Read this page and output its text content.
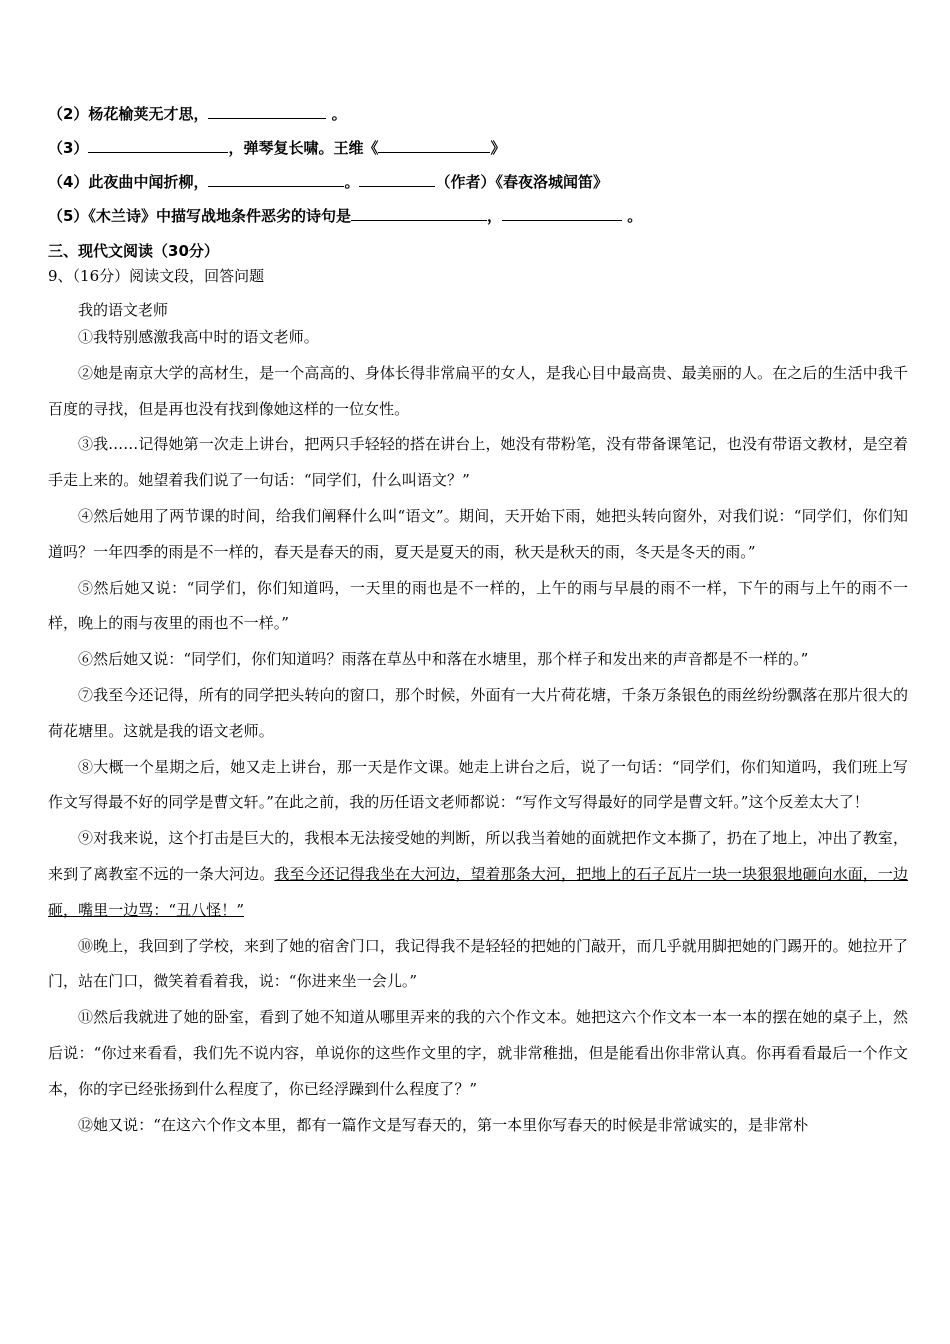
（2）杨花榆荚无才思，	。
（3）	，弹琴复长啸。王维《	》
（4）此夜曲中闻折柳，	。	（作者）《春夜洛城闻笛》
（5）《木兰诗》中描写战地条件恶劣的诗句是	，	。
三、现代文阅读（30分）
9、（16分）阅读文段，回答问题
我的语文老师

①我特别感激我高中时的语文老师。

②她是南京大学的高材生，是一个高高的、身体长得非常扁平的女人，是我心目中最高贵、最美丽的人。在之后的生活中我千百度的寻找，但是再也没有找到像她这样的一位女性。

③我……记得她第一次走上讲台，把两只手轻轻的搭在讲台上，她没有带粉笔，没有带备课笔记，也没有带语文教材，是空着手走上来的。她望着我们说了一句话：“同学们，什么叫语文？”

④然后她用了两节课的时间，给我们阐释什么叫“语文”。期间，天开始下雨，她把头转向窗外，对我们说：“同学们，你们知道吗？一年四季的雨是不一样的，春天是春天的雨，夏天是夏天的雨，秋天是秋天的雨，冬天是冬天的雨。”

⑤然后她又说：“同学们，你们知道吗，一天里的雨也是不一样的，上午的雨与早晨的雨不一样，下午的雨与上午的雨不一样，晚上的雨与夜里的雨也不一样。”

⑥然后她又说：“同学们，你们知道吗？雨落在草丛中和落在水塘里，那个样子和发出来的声音都是不一样的。”

⑦我至今还记得，所有的同学把头转向的窗口，那个时候，外面有一大片荷花塘，千条万条银色的雨丝纷纷飘落在那片很大的荷花塘里。这就是我的语文老师。

⑧大概一个星期之后，她又走上讲台，那一天是作文课。她走上讲台之后，说了一句话：“同学们，你们知道吗，我们班上写作文写得最不好的同学是曹文轩。”在此之前，我的历任语文老师都说：“写作文写得最好的同学是曹文轩。”这个反差太大了！

⑨对我来说，这个打击是巨大的，我根本无法接受她的判断，所以我当着她的面就把作文本撕了，扔在了地上，冲出了教室，来到了离教室不远的一条大河边。我至今还记得我坐在大河边，望着那条大河，把地上的石子瓦片一块一块狠狠地砸向水面，一边砸，嘴里一边骂：“丑八怪！”

⑩晚上，我回到了学校，来到了她的宿舍门口，我记得我不是轻轻的把她的门敲开，而几乎就用脚把她的门踢开的。她拉开了门，站在门口，微笑着看着我，说：“你进来坐一会儿。”

⑪然后我就进了她的卧室，看到了她不知道从哪里弄来的我的六个作文本。她把这六个作文本一本一本的摆在她的桌子上，然后说：“你过来看看，我们先不说内容，单说你的这些作文里的字，就非常稚拙，但是能看出你非常认真。你再看看最后一个作文本，你的字已经张扬到什么程度了，你已经浮躁到什么程度了？”

⑫她又说：“在这六个作文本里，都有一篇作文是写春天的，第一本里你写春天的时候是非常诚实的，是非常朴
